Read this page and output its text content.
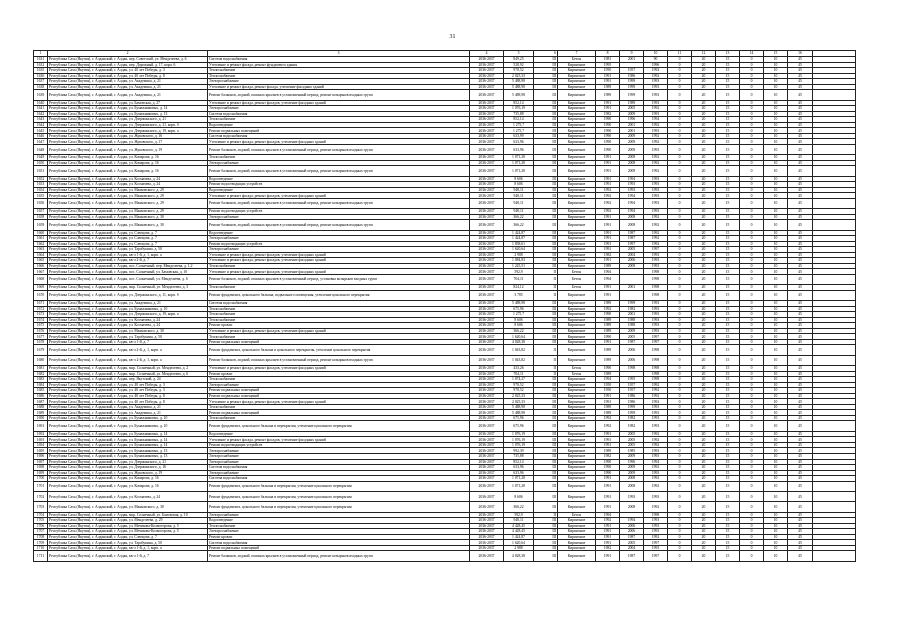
31
1	2	3	4	5	6	7	8	9	10	11	12	13	14	15	16	
1631	Республика Саха (Якутия), г. Алданский, г. Алдан, пер. Советский, ул. Менделеева, д. 6	Система водоснабжения	2036-2037	849,25	III	Бетон	1981	2001	90	0	20	15	0	10	45	
1632	Республика Саха (Якутия), г. Алданский, г. Алдан, пер. Дорожный, д. 17, корп. 6	Утепление и ремонт фасада, ремонт фундамента здания	2036-2037	528,92	III	Кирпичное	1995		1996	0	20	15	0	10	45	
1635	Республика Саха (Якутия), г. Алданский, г. Алдан, ул. 40 лет Победы, д. 3	Теплоснабжение	2036-2037	978,52	III	Кирпичное	1950	1957	1992	0	20	15	0	10	45	
1636	Республика Саха (Якутия), г. Алданский, г. Алдан, ул. 40 лет Победы, д. 8	Теплоснабжение	2036-2037	2 025,33	III	Кирпичное	1991	1986	1992	0	20	15	0	10	45	
1637	Республика Саха (Якутия), г. Алданский, г. Алдан, ул. Академика, д. 21	Электроснабжение	2036-2037	5 488,98	III	Кирпичное	1991	1999	1993	0	20	15	0	10	45	
1638	Республика Саха (Якутия), г. Алданский, г. Алдан, ул. Академика, д. 21	Утепление и ремонт фасада, ремонт фасада, утепление фасадных зданий	2036-2037	5 488,98	III	Кирпичное	1989	1999	1993	0	20	15	0	10	45	
1639	Республика Саха (Якутия), г. Алданский, г. Алдан, ул. Академика, д. 21	Ремонт балконов, лоджий, поясных крыльев в установленный период, ремонт козырьков входных групп	2036-2037	5 488,98	III	Кирпичное	1989	1999	1993	0	20	15	0	10	45	
1640	Республика Саха (Якутия), г. Алданский, г. Алдан, ул. Бамовская, д. 27	Утепление и ремонт фасада, ремонт фасадов, утепление фасадных зданий	2036-2037	852,14	III	Кирпичное	1991	1989	1993	0	20	15	0	10	45	
1641	Республика Саха (Якутия), г. Алданский, г. Алдан, ул. Бумажниковых, д. 14	Электроснабжение	2036-2037	1 076,19	III	Кирпичное	1991	2005	1992	0	20	15	0	10	45	
1642	Республика Саха (Якутия), г. Алданский, г. Алдан, ул. Бумажниковых, д. 13	Система водоснабжения	2036-2037	735,88	III	Кирпичное	1982	2009	1993	0	20	15	0	10	45	
1643	Республика Саха (Якутия), г. Алданский, г. Алдан, ул. Дзержинского, д. 21	Теплоснабжение	2036-2037	852,14	III	Кирпичное	1990	1996	1994	0	20	15	0	10	45	
1644	Республика Саха (Якутия), г. Алданский, г. Алдан, ул. Дзержинского, д. 21, корп. б	Водоотведение	2036-2037	1 275,7	III	Кирпичное	1990	2001	1992	0	20	15	0	10	45	
1645	Республика Саха (Якутия), г. Алданский, г. Алдан, ул. Дзержинского, д. 19, корп. а	Ремонт подвальных помещений	2036-2037	1 275,7	III	Кирпичное	1990	2001	1993	0	20	15	0	10	45	
1646	Республика Саха (Якутия), г. Алданский, г. Алдан, ул. Жуковского, д. 16	Система водоснабжения	2036-2037	633,99	III	Кирпичное	1990	2009	1992	0	20	15	0	10	45	
1647	Республика Саха (Якутия), г. Алданский, г. Алдан, ул. Жуковского, д. 17	Утепление и ремонт фасада, ремонт фасадов, утепление фасадных зданий	2036-2037	633,96	III	Кирпичное	1990	2009	1992	0	20	15	0	10	45	
1648	Республика Саха (Якутия), г. Алданский, г. Алдан, ул. Жуковского, д. 19	Ремонт балконов, лоджий, поясных крыльев в установленный период, ремонт козырьков входных групп	2036-2037	633,96	III	Кирпичное	1990	2009	1993	0	20	15	0	10	45	
1649	Республика Саха (Якутия), г. Алданский, г. Алдан, ул. Комарова, д. 16	Теплоснабжение	2036-2037	1 071,28	III	Кирпичное	1991	2008	1992	0	20	15	0	10	45	
1650	Республика Саха (Якутия), г. Алданский, г. Алдан, ул. Комарова, д. 16	Электроснабжение	2036-2037	1 071,28	III	Кирпичное	1991	2008	1992	0	20	15	0	10	45	
1651	Республика Саха (Якутия), г. Алданский, г. Алдан, ул. Комарова, д. 16	Ремонт балконов, лоджий, поясных крыльев в установленный период, ремонт козырьков входных групп	2036-2037	1 071,28	III	Кирпичное	1991	2009	1992	0	20	15	0	10	45	
1652	Республика Саха (Якутия), г. Алданский, г. Алдан, ул. Космачева, д. 24	Водоотведение	2036-2037	8 606	III	Кирпичное	1991	1994	1993	0	20	15	0	10	45	
1653	Республика Саха (Якутия), г. Алданский, г. Алдан, ул. Космачева, д. 24	Ремонт водоотводящих устройств	2036-2037	8 606	III	Кирпичное	1991	1993	1993	0	20	15	0	10	45	
1654	Республика Саха (Якутия), г. Алданский, г. Алдан, ул. Маяковского, д. 29	Водоотведение	2036-2037	948,11	III	Кирпичное	1992	1993	1993	0	20	15	0	10	45	
1655	Республика Саха (Якутия), г. Алданский, г. Алдан, ул. Маяковского, д. 29	Утепление и ремонт фасада, ремонт фасадов, утепление фасадных зданий	2036-2037	948,11	III	Кирпичное	1992	1994	1993	0	20	15	0	10	45	
1656	Республика Саха (Якутия), г. Алданский, г. Алдан, ул. Маяковского, д. 29	Ремонт балконов, лоджий, поясных крыльев в установленный период, ремонт козырьков входных групп	2036-2037	948,11	III	Кирпичное	1992	1994	1993	0	20	15	0	10	45	
1657	Республика Саха (Якутия), г. Алданский, г. Алдан, ул. Маяковского, д. 29	Ремонт водоотводящих устройств	2036-2037	948,11	III	Кирпичное	1992	1994	1993	0	20	15	0	10	45	
1658	Республика Саха (Якутия), г. Алданский, г. Алдан, ул. Маяковского, д. 30	Электроснабжение	2036-2037	366,22	III	Кирпичное	1991	2008	1992	0	20	15	0	10	45	
1659	Республика Саха (Якутия), г. Алданский, г. Алдан, ул. Маяковского, д. 30	Ремонт балконов, лоджий, поясных крыльев в установленный период, ремонт козырьков входных групп	2036-2037	366,22	III	Кирпичное	1991	2008	1992	0	20	15	0	10	45	
1660	Республика Саха (Якутия), г. Алданский, г. Алдан, ул. Слепцова, д. 7	Водоотведение	2036-2037	1 424,87	III	Кирпичное	1991	1987	1992	0	20	15	0	10	45	
1661	Республика Саха (Якутия), г. Алданский, г. Алдан, ул. Слепцова, д. 7	Электроснабжение	2036-2037	1 424,87	III	Кирпичное	1991	1987	1992	0	20	15	0	10	45	
1662	Республика Саха (Якутия), г. Алданский, г. Алдан, ул. Слепцова, д. 7	Ремонт водоотводящих устройств	2036-2037	1 838,61	III	Кирпичное	1991	1997	1992	0	20	15	0	10	45	
1663	Республика Саха (Якутия), г. Алданский, г. Алдан, ул. Тарабукина, д. 50	Электроснабжение	2036-2037	1 620,64	III	Кирпичное	1991	2005	1997	0	20	15	0	10	45	
1664	Республика Саха (Якутия), г. Алданский, г. Алдан, кв-л 1-й, д. 1, корп. а	Утепление и ремонт фасада, ремонт фасадов, утепление фасадных зданий	2036-2037	2 988	III	Кирпичное	1982	2004	1993	0	20	15	0	10	45	
1665	Республика Саха (Якутия), г. Алданский, г. Алдан, кв-л 2-й, д. 7	Утепление и ремонт фасада, ремонт фасадов, утепление фасадных зданий	2036-2037	1 084,83	III	Кирпичное	1991	2006	1993	0	20	15	0	10	45	
1666	Республика Саха (Якутия), г. Алданский, г. Алдан, пос. Солнечный, пер. Менделеева, д. 1,2	Теплоснабжение	2036-2037	1 245,51	III	Кирпичное	1989	2009	1993	0	20	15	0	10	45	
1667	Республика Саха (Якутия), г. Алданский, г. Алдан, пос. Солнечный, ул. Бамовская, д. 10	Утепление и ремонт фасада, ремонт фасадов, утепление фасадных зданий	2036-2037	592,9	II	Бетон	1994		1998	0	20	15	0	10	45	
1668	Республика Саха (Якутия), г. Алданский, г. Алдан, пос. Солнечный, ул. Менделеева, д. 6	Ремонт балконов, лоджий, поясных крыльев в установленный период, установка козырьков входных групп	2036-2037	704,11	II	Бетон	1994		1998	0	20	15	0	10	45	
1669	Республика Саха (Якутия), г. Алданский, г. Алдан, мкр. Солнечный, ул. Менделеева, д. 3	Теплоснабжение	2036-2037	824,12	II	Бетон	1991	2001	1998	0	20	15	0	10	45	
1670	Республика Саха (Якутия), г. Алданский, г. Алдан, ул. Дзержинского, д. 11, корп. б	Ремонт фундамента, цокольного балкона, подвального помещения, утепление цокольного перекрытия	2036-2037	3 785	II	Кирпичное	1991		1998	0	20	15	0	10	45	
1671	Республика Саха (Якутия), г. Алданский, г. Алдан, ул. Академика, д. 21	Система водоснабжения	2036-2037	5 488,98	III	Кирпичное	1989	1999	1993	0	20	15	0	10	45	
1672	Республика Саха (Якутия), г. Алданский, г. Алдан, ул. Бумажниковых, д. 10	Теплоснабжение	2036-2037	675,96	III	Кирпичное	1992	1982	1993	0	20	15	0	10	45	
1673	Республика Саха (Якутия), г. Алданский, г. Алдан, ул. Дзержинского, д. 19, корп. а	Теплоснабжение	2036-2037	1 275,7	III	Кирпичное	1990	2001	1993	0	20	15	0	10	45	
1674	Республика Саха (Якутия), г. Алданский, г. Алдан, ул. Космачева, д. 24	Теплоснабжение	2036-2037	8 606	III	Кирпичное	1989	1988	1993	0	20	15	0	10	45	
1675	Республика Саха (Якутия), г. Алданский, г. Алдан, ул. Космачева, д. 24	Ремонт кровли	2036-2037	8 606	III	Кирпичное	1989	1988	1993	0	20	15	0	10	45	
1676	Республика Саха (Якутия), г. Алданский, г. Алдан, ул. Маяковского, д. 30	Утепление и ремонт фасада, ремонт фасадов, утепление фасадных зданий	2036-2037	366,22	III	Кирпичное	1989	2009	1993	0	20	15	0	10	45	
1677	Республика Саха (Якутия), г. Алданский, г. Алдан, ул. Тарабукина, д. 50	Теплоснабжение	2036-2037	1 620,64	III	Кирпичное	1990	2005	1997	0	20	15	0	10	45	
1678	Республика Саха (Якутия), г. Алданский, г. Алдан, кв-л 1-й, д. 7	Ремонт подвальных помещений	2036-2037	4 028,38	III	Кирпичное	1991	1987	1997	0	20	15	0	10	45	
1679	Республика Саха (Якутия), г. Алданский, г. Алдан, кв-л 2-й, д. 1, корп. а	Ремонт фундамента, цокольного балкона и цокольного перекрытия, утепление цокольного перекрытия	2036-2037	1 043,82	II	Кирпичное	1989	2006	1998	0	20	15	0	10	45	
1680	Республика Саха (Якутия), г. Алданский, г. Алдан, кв-л 2-й, д. 1, корп. а	Ремонт балконов, лоджий, поясных крыльев в установленный период, ремонт козырьков входных групп	2036-2037	1 043,82	II	Кирпичное	1989	2006	1998	0	20	15	0	10	45	
1681	Республика Саха (Якутия), г. Алданский, г. Алдан, мкр. Солнечный, ул. Менделеева, д. 2	Утепление и ремонт фасада, ремонт фасадов, утепление фасадных зданий	2036-2037	433,26	II	Бетон	1990	1998	1998	0	20	15	0	10	45	
1682	Республика Саха (Якутия), г. Алданский, г. Алдан, мкр. Солнечный, ул. Менделеева, д. 6	Ремонт кровли	2036-2037	704,11	II	Бетон	1989		1998	0	20	15	0	10	45	
1683	Республика Саха (Якутия), г. Алданский, г. Алдан, пер. Якутский, д. 24	Теплоснабжение	2036-2037	1 074,27	III	Кирпичное	1994	1995	1998	0	20	15	0	10	45	
1684	Республика Саха (Якутия), г. Алданский, г. Алдан, ул. 40 лет Победы, д. 3	Электроснабжение	2036-2037	978,52	III	Кирпичное	1950	1957	1992	0	20	15	0	10	45	
1685	Республика Саха (Якутия), г. Алданский, г. Алдан, ул. 40 лет Победы, д. 3	Ремонт подвальных помещений	2036-2037	978,52	III	Кирпичное	1950	1957	1992	0	20	15	0	10	45	
1686	Республика Саха (Якутия), г. Алданский, г. Алдан, ул. 40 лет Победы, д. 8	Ремонт подвальных помещений	2036-2037	2 025,33	III	Кирпичное	1991	1986	1992	0	20	15	0	10	45	
1687	Республика Саха (Якутия), г. Алданский, г. Алдан, ул. 40 лет Победы, д. 8	Утепление и ремонт фасада, ремонт фасадов, утепление фасадных зданий	2036-2037	2 025,33	III	Кирпичное	1991	1986	1992	0	20	15	0	10	45	
1688	Республика Саха (Якутия), г. Алданский, г. Алдан, ул. Академика, д. 21	Теплоснабжение	2036-2037	5 488,98	III	Кирпичное	1989	1999	1993	0	20	15	0	10	45	
1689	Республика Саха (Якутия), г. Алданский, г. Алдан, ул. Академика, д. 21	Ремонт подвальных помещений	2036-2037	5 488,98	III	Кирпичное	1989	1999	1993	0	20	15	0	10	45	
1690	Республика Саха (Якутия), г. Алданский, г. Алдан, ул. Бумажниковых, д. 10	Теплоснабжение	2036-2037	675,96	III	Кирпичное	1992	1982	1993	0	20	15	0	10	45	
1691	Республика Саха (Якутия), г. Алданский, г. Алдан, ул. Бумажниковых, д. 10	Ремонт фундамента, цокольного балкона и перекрытия, утепление цокольного перекрытия	2036-2037	675,96	III	Кирпичное	1992	1982	1993	0	20	15	0	10	45	
1692	Республика Саха (Якутия), г. Алданский, г. Алдан, ул. Бумажниковых, д. 14	Водоотведение	2036-2037	1 076,19	III	Кирпичное	1991	2005	1992	0	20	15	0	10	45	
1693	Республика Саха (Якутия), г. Алданский, г. Алдан, ул. Бумажниковых, д. 14	Утепление и ремонт фасада, ремонт фасадов, утепление фасадных зданий	2036-2037	1 076,19	III	Кирпичное	1991	2005	1992	0	20	15	0	10	45	
1694	Республика Саха (Якутия), г. Алданский, г. Алдан, ул. Бумажниковых, д. 14	Ремонт водоотводящих устройств	2036-2037	1 076,19	III	Кирпичное	1991	2005	1992	0	20	15	0	10	45	
1695	Республика Саха (Якутия), г. Алданский, г. Алдан, ул. Бумажниковых, д. 13	Электроснабжение	2036-2037	992,39	III	Кирпичное	1989	1985	1993	0	20	15	0	10	45	
1696	Республика Саха (Якутия), г. Алданский, г. Алдан, ул. Бумажниковых, д. 13	Электроснабжение	2036-2037	735,88	III	Кирпичное	1982	2009	1993	0	20	15	0	10	45	
1697	Республика Саха (Якутия), г. Алданский, г. Алдан, ул. Дзержинского, д. 21	Электроснабжение	2036-2037	852,14	III	Кирпичное	1990	1996	1994	0	20	15	0	10	45	
1698	Республика Саха (Якутия), г. Алданский, г. Алдан, ул. Дзержинского, д. 16	Система водоснабжения	2036-2037	633,96	III	Кирпичное	1990	2009	1992	0	20	15	0	10	45	
1699	Республика Саха (Якутия), г. Алданский, г. Алдан, ул. Жуковского, д. 19	Электроснабжение	2036-2037	633,96	III	Кирпичное	1990	2009	1993	0	20	15	0	10	45	
1700	Республика Саха (Якутия), г. Алданский, г. Алдан, ул. Комарова, д. 16	Система водоснабжения	2036-2037	1 071,28	III	Кирпичное	1991	2008	1992	0	20	15	0	10	45	
1701	Республика Саха (Якутия), г. Алданский, г. Алдан, ул. Комарова, д. 16	Ремонт фундамента, цокольного балкона и перекрытия, утепление цокольного перекрытия	2036-2037	1 071,28	III	Кирпичное	1991	2008	1992	0	20	15	0	10	45	
1702	Республика Саха (Якутия), г. Алданский, г. Алдан, ул. Космачева, д. 24	Ремонт фундамента, цокольного балкона и перекрытия, утепление цокольного перекрытия	2036-2037	8 606	III	Кирпичное	1991	1993	1993	0	20	15	0	10	45	
1703	Республика Саха (Якутия), г. Алданский, г. Алдан, ул. Маяковского, д. 30	Ремонт фундамента, цокольного балкона и перекрытия, утепление цокольного перекрытия	2036-2037	366,22	III	Кирпичное	1991	2008	1992	0	20	15	0	10	45	
1704	Республика Саха (Якутия), г. Алданский, г. Алдан, мкр. Солнечный, ул. Бамовская, д. 10	Электроснабжение	2036-2037	592,9	II	Бетон	1994		1998	0	20	15	0	10	45	
1705	Республика Саха (Якутия), г. Алданский, г. Алдан, ул. Менделеева, д. 29	Водоотведение	2036-2037	948,11	III	Кирпичное	1992	1994	1993	0	20	15	0	10	45	
1706	Республика Саха (Якутия), г. Алданский, г. Алдан, ул. Мечикова-Колмогорова, д. 5	Теплоснабжение	2036-2037	4 428,45	III	Кирпичное	1991	2006	1993	0	20	15	0	10	45	
1707	Республика Саха (Якутия), г. Алданский, г. Алдан, ул. Мечикова-Колмогорова, д. 5	Электроснабжение	2036-2037	4 428,45	III	Кирпичное	1991	2006	1993	0	20	15	0	10	45	
1708	Республика Саха (Якутия), г. Алданский, г. Алдан, ул. Слепцова, д. 7	Ремонт кровли	2036-2037	1 424,87	III	Кирпичное	1991	1987	1992	0	20	15	0	10	45	
1709	Республика Саха (Якутия), г. Алданский, г. Алдан, ул. Тарабукина, д. 50	Система водоснабжения	2036-2037	1 620,64	III	Кирпичное	1991	2005	1997	0	20	15	0	10	45	
1710	Республика Саха (Якутия), г. Алданский, г. Алдан, кв-л 1-й, д. 1, корп. а	Ремонт подвальных помещений	2036-2037	2 988	III	Кирпичное	1982	2004	1993	0	20	15	0	10	45	
1711	Республика Саха (Якутия), г. Алданский, г. Алдан, кв-л 1-й, д. 7	Ремонт балконов, лоджий, поясных крыльев в установленный период, ремонт козырьков входных групп	2036-2037	4 028,38	III	Кирпичное	1991	1987	1997	0	20	15	0	10	45	
